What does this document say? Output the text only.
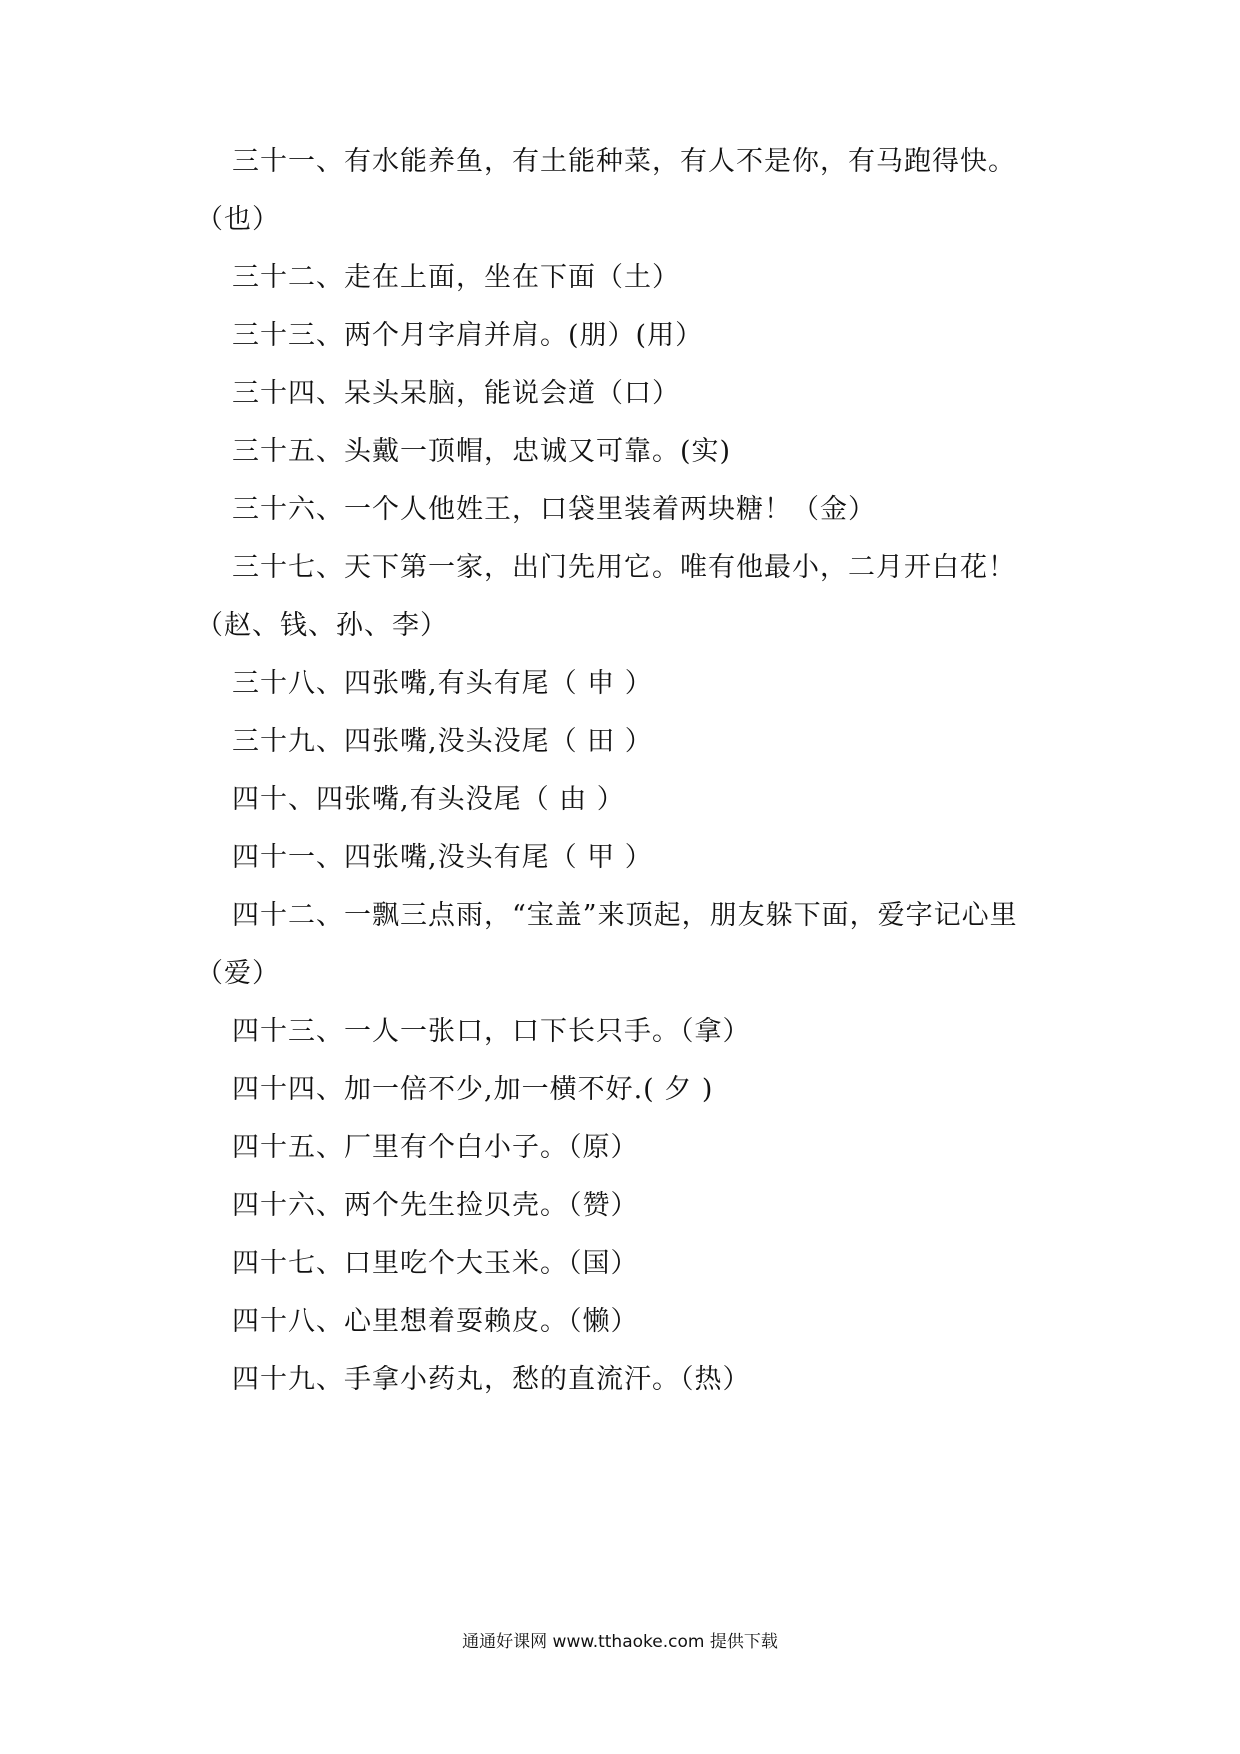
三十一、有水能养鱼，有土能种菜，有人不是你，有马跑得快。
（也）
三十二、走在上面，坐在下面（土）
三十三、两个月字肩并肩。(朋）(用）
三十四、呆头呆脑，能说会道（口）
三十五、头戴一顶帽，忠诚又可靠。(实)
三十六、一个人他姓王，口袋里装着两块糖！（金）
三十七、天下第一家，出门先用它。唯有他最小，二月开白花！
（赵、钱、孙、李）
三十八、四张嘴,有头有尾（ 申 ）
三十九、四张嘴,没头没尾（ 田 ）
四十、四张嘴,有头没尾（ 由 ）
四十一、四张嘴,没头有尾（ 甲 ）
四十二、一飘三点雨，“宝盖”来顶起，朋友躲下面，爱字记心里
（爱）
四十三、一人一张口，口下长只手。（拿）
四十四、加一倍不少,加一横不好.( 夕 )
四十五、厂里有个白小子。（原）
四十六、两个先生捡贝壳。（赞）
四十七、口里吃个大玉米。（国）
四十八、心里想着耍赖皮。（懒）
四十九、手拿小药丸，愁的直流汗。（热）
通通好课网 www.tthaoke.com 提供下载
